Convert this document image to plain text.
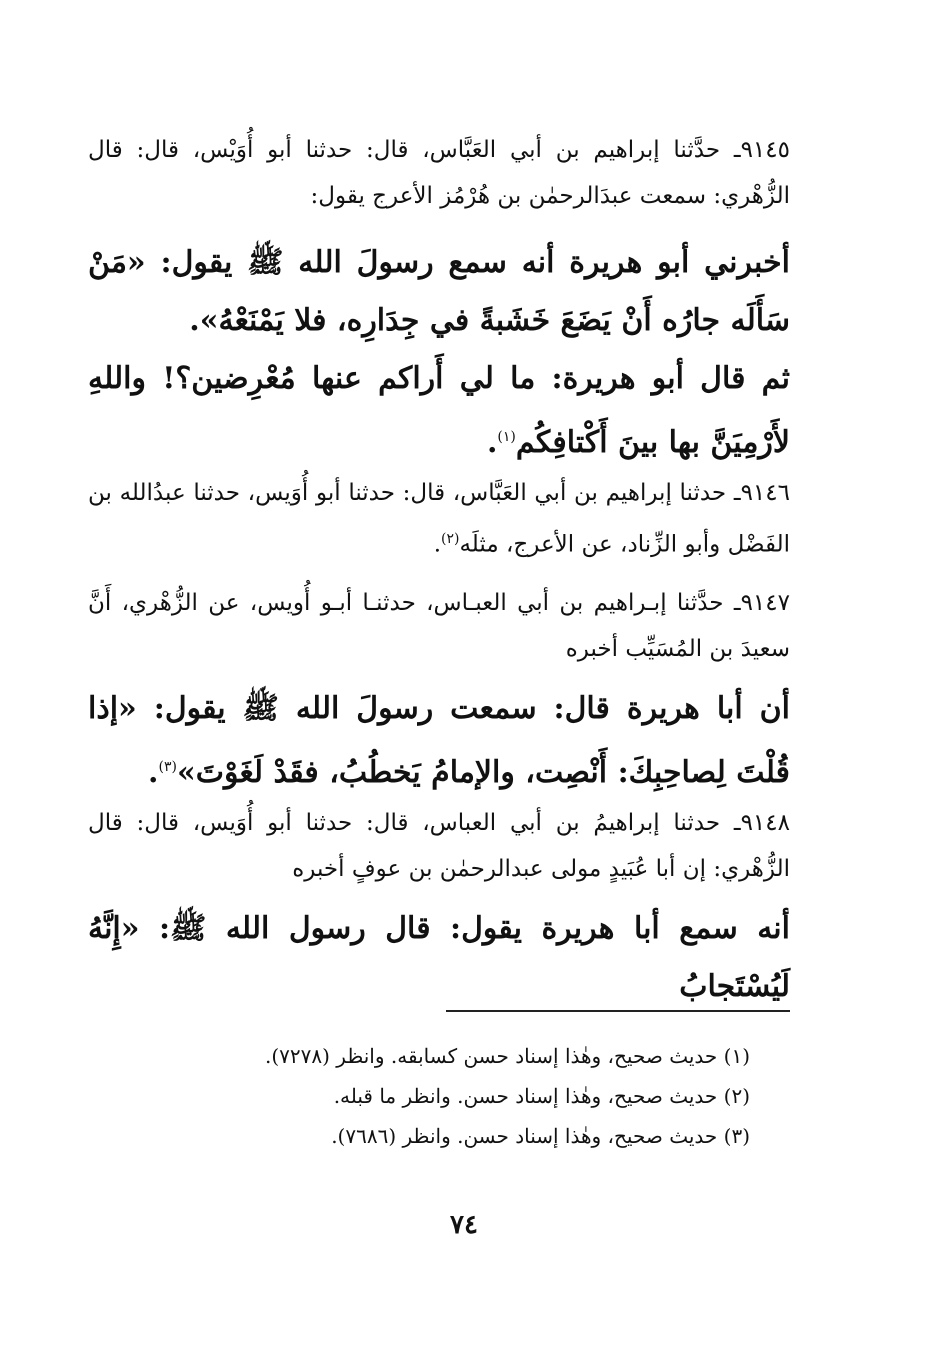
٩١٤٥ـ حدَّثنا إبراهيم بن أبي العَبَّاس، قال: حدثنا أبو أُوَيْس، قال: قال الزُّهْري: سمعت عبدَالرحمٰن بن هُرْمُز الأعرج يقول:

أخبرني أبو هريرة أنه سمع رسولَ الله ﷺ يقول: «مَنْ سَأَلَه جارُه أَنْ يَضَعَ خَشَبةً في جِدَارِه، فلا يَمْنَعْهُ».

ثم قال أبو هريرة: ما لي أَراكم عنها مُعْرِضين؟! واللهِ لأَرْمِيَنَّ بها بينَ أَكْتافِكُم$^{(١)}$.

٩١٤٦ـ حدثنا إبراهيم بن أبي العَبَّاس، قال: حدثنا أبو أُوَيس، حدثنا عبدُالله بن الفَضْل وأبو الزِّناد، عن الأعرج، مثلَه$^{(٢)}$.

٩١٤٧ـ حدَّثنا إبـراهيم بن أبي العبـاس، حدثنـا أبـو أُويس، عن الزُّهْري، أَنَّ سعيدَ بن المُسَيِّب أخبره

أن أبا هريرة قال: سمعت رسولَ الله ﷺ يقول: «إذا قُلْتَ لِصاحِبِكَ: أَنْصِت، والإمامُ يَخطُبُ، فقَدْ لَغَوْتَ»$^{(٣)}$.

٩١٤٨ـ حدثنا إبراهيمُ بن أبي العباس، قال: حدثنا أبو أُوَيس، قال: قال الزُّهْري: إن أبا عُبَيدٍ مولى عبدالرحمٰن بن عوفٍ أخبره

أنه سمع أبا هريرة يقول: قال رسول الله ﷺ: «إِنَّهُ لَيُسْتَجابُ

(١) حديث صحيح، وهٰذا إسناد حسن كسابقه. وانظر (٧٢٧٨).
(٢) حديث صحيح، وهٰذا إسناد حسن. وانظر ما قبله.
(٣) حديث صحيح، وهٰذا إسناد حسن. وانظر (٧٦٨٦).
٧٤
